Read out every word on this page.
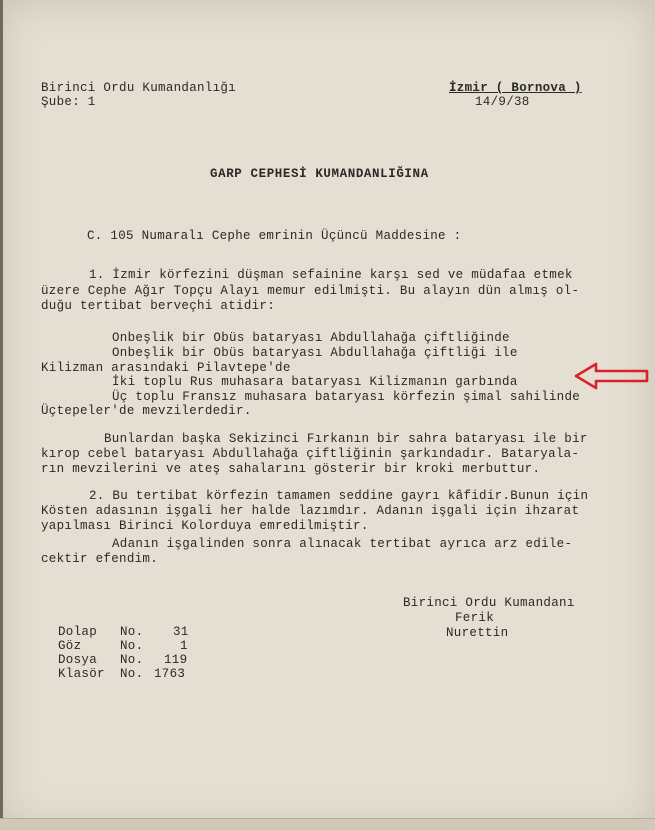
Birinci Ordu Kumandanlığı
Şube: 1
İzmir ( Bornova )
14/9/38
GARP CEPHESİ KUMANDANLIĞINA
C. 105 Numaralı Cephe emrinin Üçüncü Maddesine :
1. İzmir körfezini düşman sefainine karşı sed ve müdafaa etmek
üzere Cephe Ağır Topçu Alayı memur edilmişti. Bu alayın dün almış ol-
duğu tertibat berveçhi atidir:
Onbeşlik bir Obüs bataryası Abdullahağa çiftliğinde
Onbeşlik bir Obüs bataryası Abdullahağa çiftliği ile
Kilizman arasındaki Pilavtepe'de
İki toplu Rus muhasara bataryası Kilizmanın garbında
Üç toplu Fransız muhasara bataryası körfezin şimal sahilinde
Üçtepeler'de mevzilerdedir.
Bunlardan başka Sekizinci Fırkanın bir sahra bataryası ile bir
kırop cebel bataryası Abdullahağa çiftliğinin şarkındadır. Bataryala-
rın mevzilerini ve ateş sahalarını gösterir bir kroki merbuttur.
2. Bu tertibat körfezin tamamen seddine gayrı kâfidir.Bunun için
Kösten adasının işgali her halde lazımdır. Adanın işgali için ihzarat
yapılması Birinci Kolorduya emredilmiştir.
Adanın işgalinden sonra alınacak tertibat ayrıca arz edile-
cektir efendim.
Birinci Ordu Kumandanı
Ferik
Nurettin
Dolap No. 31
Göz	No.	1
Dosya No. 119
Klasör No. 1763
